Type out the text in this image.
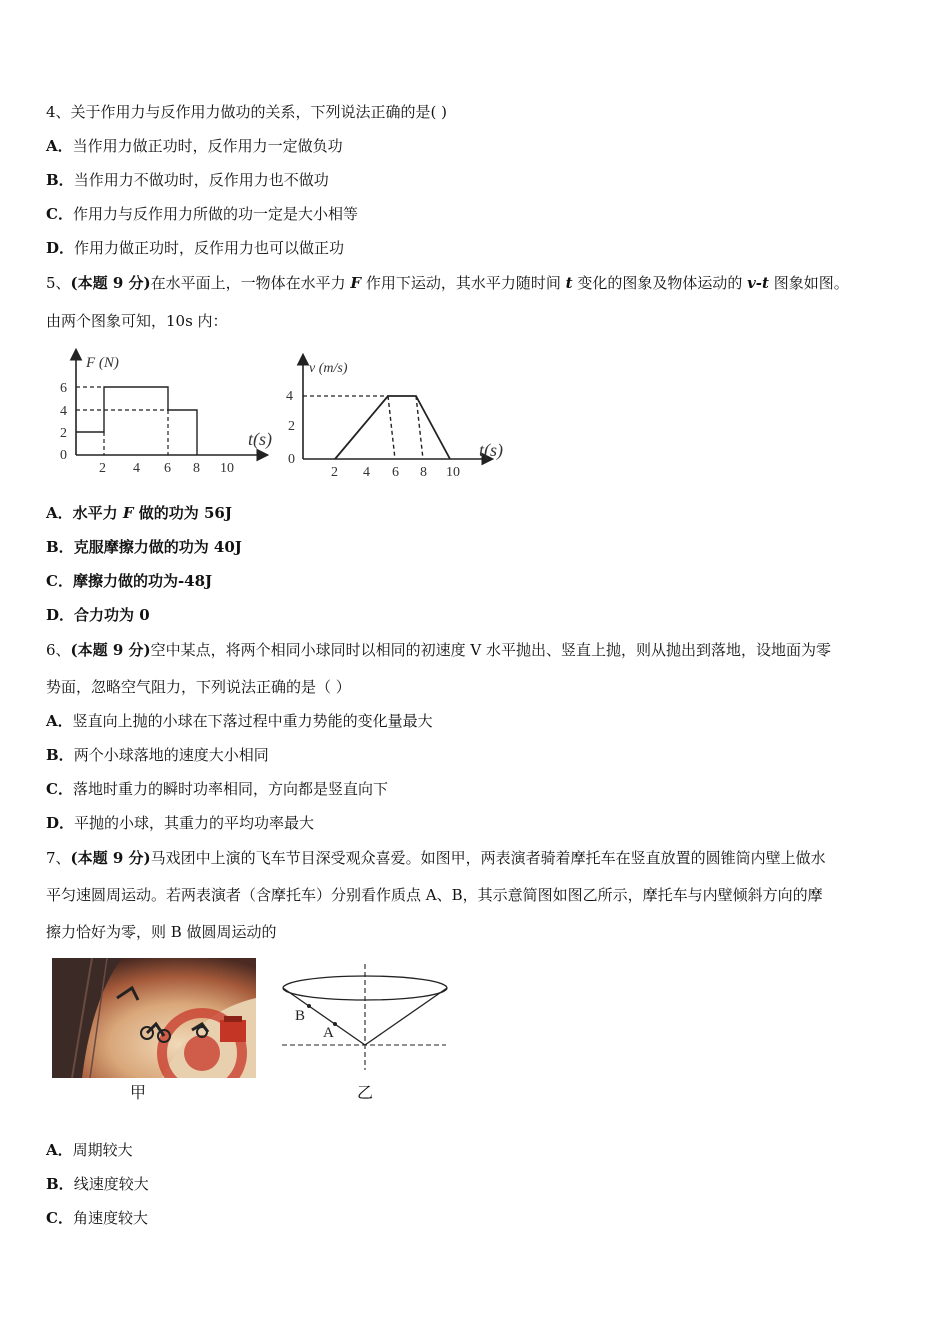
4、关于作用力与反作用力做功的关系，下列说法正确的是( )
A．当作用力做正功时，反作用力一定做负功
B．当作用力不做功时，反作用力也不做功
C．作用力与反作用力所做的功一定是大小相等
D．作用力做正功时，反作用力也可以做正功
5、(本题 9 分)在水平面上，一物体在水平力 F 作用下运动，其水平力随时间 t 变化的图象及物体运动的 v-t 图象如图。
由两个图象可知，10s 内：
F (N)
6
4
2
0
2 4 6 8 10
t(s)
v (m/s)
4
2
0
2 4 6 8 10
t(s)
A．水平力 F 做的功为 56J
B．克服摩擦力做的功为 40J
C．摩擦力做的功为-48J
D．合力功为 0
6、(本题 9 分)空中某点，将两个相同小球同时以相同的初速度 V 水平抛出、竖直上抛，则从抛出到落地，设地面为零
势面，忽略空气阻力，下列说法正确的是（ ）
A．竖直向上抛的小球在下落过程中重力势能的变化量最大
B．两个小球落地的速度大小相同
C．落地时重力的瞬时功率相同，方向都是竖直向下
D．平抛的小球，其重力的平均功率最大
7、(本题 9 分)马戏团中上演的飞车节目深受观众喜爱。如图甲，两表演者骑着摩托车在竖直放置的圆锥筒内壁上做水
平匀速圆周运动。若两表演者（含摩托车）分别看作质点 A、B，其示意简图如图乙所示，摩托车与内壁倾斜方向的摩
擦力恰好为零，则 B 做圆周运动的
甲
B
A
乙
A．周期较大
B．线速度较大
C．角速度较大
